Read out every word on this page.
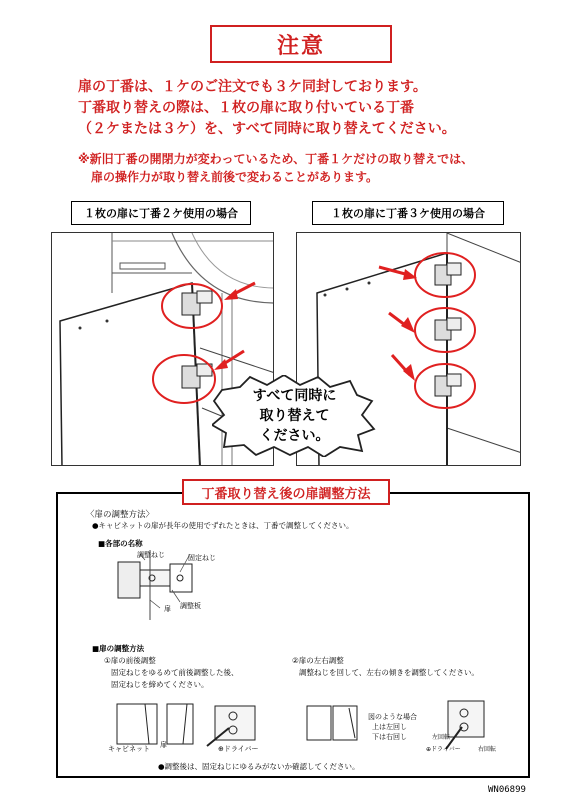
注意
扉の丁番は、１ケのご注文でも３ケ同封しております。
丁番取り替えの際は、１枚の扉に取り付いている丁番
（２ケまたは３ケ）を、すべて同時に取り替えてください。
※新旧丁番の開閉力が変わっているため、丁番１ケだけの取り替えでは、
扉の操作力が取り替え前後で変わることがあります。
１枚の扉に丁番２ケ使用の場合	１枚の扉に丁番３ケ使用の場合
すべて同時に
取り替えて
ください。
丁番取り替え後の扉調整方法
〈扉の調整方法〉
●キャビネットの扉が長年の使用でずれたときは、丁番で調整してください。
■各部の名称
調整ねじ	固定ねじ
扉 調整板
■扉の調整方法
①扉の前後調整
固定ねじをゆるめて前後調整した後、
固定ねじを締めてください。
②扉の左右調整
調整ねじを回して、左右の傾きを調整してください。
キャビネット 扉	⊕ドライバー
図のような場合
上は左回し
下は右回し	左回転
右回転
⊕ドライバー
●調整後は、固定ねじにゆるみがないか確認してください。
WN06899
